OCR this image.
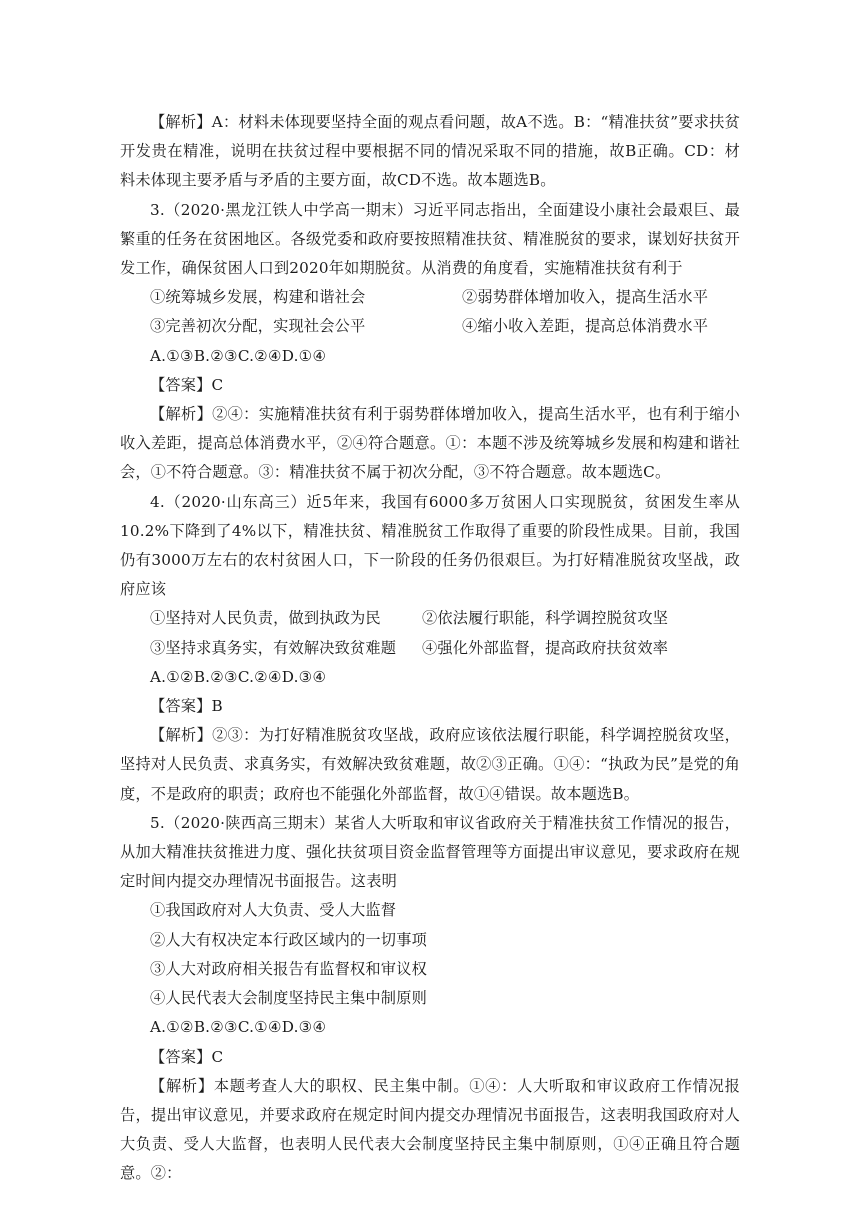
【解析】A：材料未体现要坚持全面的观点看问题，故A不选。B：“精准扶贫”要求扶贫开发贵在精准，说明在扶贫过程中要根据不同的情况采取不同的措施，故B正确。CD：材料未体现主要矛盾与矛盾的主要方面，故CD不选。故本题选B。

3.（2020·黑龙江铁人中学高一期末）习近平同志指出，全面建设小康社会最艰巨、最繁重的任务在贫困地区。各级党委和政府要按照精准扶贫、精准脱贫的要求，谋划好扶贫开发工作，确保贫困人口到2020年如期脱贫。从消费的角度看，实施精准扶贫有利于

①统筹城乡发展，构建和谐社会	②弱势群体增加收入，提高生活水平
③完善初次分配，实现社会公平	④缩小收入差距，提高总体消费水平

A.①③B.②③C.②④D.①④

【答案】C

【解析】②④：实施精准扶贫有利于弱势群体增加收入，提高生活水平，也有利于缩小收入差距，提高总体消费水平，②④符合题意。①：本题不涉及统筹城乡发展和构建和谐社会，①不符合题意。③：精准扶贫不属于初次分配，③不符合题意。故本题选C。

4.（2020·山东高三）近5年来，我国有6000多万贫困人口实现脱贫，贫困发生率从10.2%下降到了4%以下，精准扶贫、精准脱贫工作取得了重要的阶段性成果。目前，我国仍有3000万左右的农村贫困人口，下一阶段的任务仍很艰巨。为打好精准脱贫攻坚战，政府应该

①坚持对人民负责，做到执政为民	②依法履行职能，科学调控脱贫攻坚
③坚持求真务实，有效解决致贫难题	④强化外部监督，提高政府扶贫效率

A.①②B.②③C.②④D.③④

【答案】B

【解析】②③：为打好精准脱贫攻坚战，政府应该依法履行职能，科学调控脱贫攻坚，坚持对人民负责、求真务实，有效解决致贫难题，故②③正确。①④：“执政为民”是党的角度，不是政府的职责；政府也不能强化外部监督，故①④错误。故本题选B。

5.（2020·陕西高三期末）某省人大听取和审议省政府关于精准扶贫工作情况的报告，从加大精准扶贫推进力度、强化扶贫项目资金监督管理等方面提出审议意见，要求政府在规定时间内提交办理情况书面报告。这表明

①我国政府对人大负责、受人大监督

②人大有权决定本行政区域内的一切事项

③人大对政府相关报告有监督权和审议权

④人民代表大会制度坚持民主集中制原则

A.①②B.②③C.①④D.③④

【答案】C

【解析】本题考查人大的职权、民主集中制。①④：人大听取和审议政府工作情况报告，提出审议意见，并要求政府在规定时间内提交办理情况书面报告，这表明我国政府对人大负责、受人大监督，也表明人民代表大会制度坚持民主集中制原则，①④正确且符合题意。②：
